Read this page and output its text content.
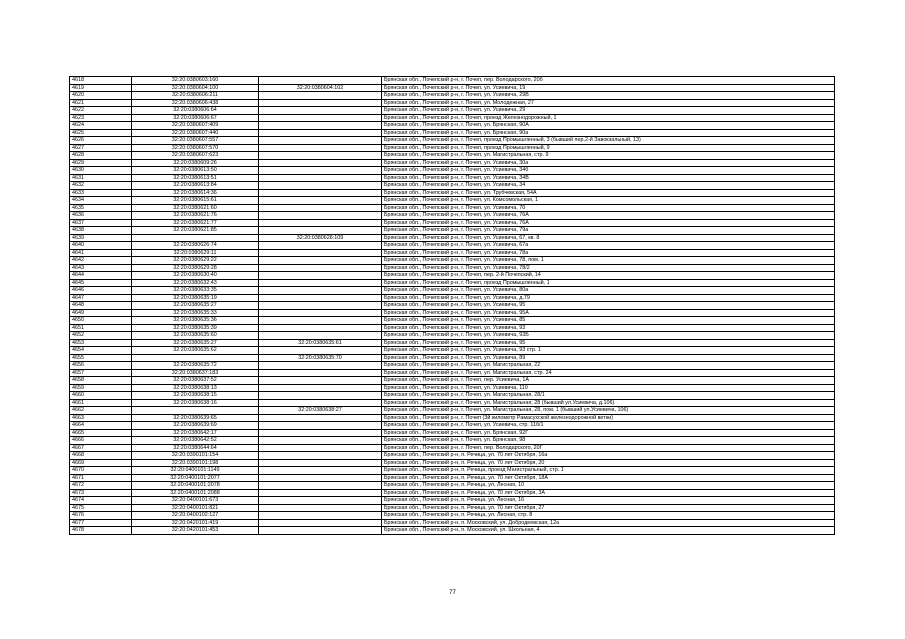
4618	32:20:0380603:160		Брянская обл., Почепский р-н, г. Почеп, пер. Володарского, 20б
4619	32:20:0380604:100	32:20:0380604:102	Брянская обл., Почепский р-н, г. Почеп, ул. Усиевича, 19
4620	32:20:0380606:211		Брянская обл., Почепский р-н, г. Почеп, ул. Усиевича, 29В
4621	32:20:0380606:438		Брянская обл., Почепский р-н, г. Почеп, ул. Молодежная, 27
4622	32:20:0380606:64		Брянская обл., Почепский р-н, г. Почеп, ул. Усиевича, 29
4623	32:20:0380606:67		Брянская обл., Почепский р-н, г. Почеп, проезд Железнодорожный, 1
4624	32:20:0380607:409		Брянская обл., Почепский р-н, г. Почеп, ул. Брянская, 90А
4625	32:20:0380607:440		Брянская обл., Почепский р-н, г. Почеп, ул. Брянская, 90а
4626	32:20:0380607:557		Брянская обл., Почепский р-н, г. Почеп, проезд Промышленный, 3 (бывший пер.2-й Завокзальный, 13)
4627	32:20:0380607:570		Брянская обл., Почепский р-н, г. Почеп, проезд Промышленный, 9
4628	32:20:0380607:623		Брянская обл., Почепский р-н, г. Почеп, ул. Магистральная, стр. 9
4629	32:20:0380609:26		Брянская обл., Почепский р-н, г. Почеп, ул. Усиевича, 30а
4630	32:20:0380613:50		Брянская обл., Почепский р-н, г. Почеп, ул. Усиевича, 34б
4631	32:20:0380613:51		Брянская обл., Почепский р-н, г. Почеп, ул. Усиевича, 34В
4632	32:20:0380613:84		Брянская обл., Почепский р-н, г. Почеп, ул. Усиевича, 34
4633	32:20:0380614:36		Брянская обл., Почепский р-н, г. Почеп, ул. Трубчевская, 54А
4634	32:20:0380615:61		Брянская обл., Почепский р-н, г. Почеп, ул. Комсомольская, 1
4635	32:20:0380621:60		Брянская обл., Почепский р-н, г. Почеп, ул. Усиевича, 70
4636	32:20:0380621:76		Брянская обл., Почепский р-н, г. Почеп, ул. Усиевича, 76А
4637	32:20:0380621:77		Брянская обл., Почепский р-н, г. Почеп, ул. Усиевича, 76А
4638	32:20:0380621:85		Брянская обл., Почепский р-н, г. Почеп, ул. Усиевича, 79а
4639		32:20:0380626:109	Брянская обл., Почепский р-н, г. Почеп, ул. Усиевича, 67, кв. 8
4640	32:20:0380626:74		Брянская обл., Почепский р-н, г. Почеп, ул. Усиевича, 67а
4641	32:20:0380629:11		Брянская обл., Почепский р-н, г. Почеп, ул. Усиевича, 78а
4642	32:20:0380629:22		Брянская обл., Почепский р-н, г. Почеп, ул. Усиевича, 78, пом. 1
4643	32:20:0380629:28		Брянская обл., Почепский р-н, г. Почеп, ул. Усиевича, 78/2
4644	32:20:0380630:40		Брянская обл., Почепский р-н, г. Почеп, пер. 2-й Почепский, 14
4645	32:20:0380632:43		Брянская обл., Почепский р-н, г. Почеп, проезд Промышленный, 1
4646	32:20:0380633:35		Брянская обл., Почепский р-н, г. Почеп, ул. Усиевича, 80а
4647	32:20:0380635:19		Брянская обл., Почепский р-н, г. Почеп, ул. Усиевича, д.79
4648	32:20:0380635:27		Брянская обл., Почепский р-н, г. Почеп, ул. Усиевича, 95
4649	32:20:0380635:33		Брянская обл., Почепский р-н, г. Почеп, ул. Усиевича, 95А
4650	32:20:0380635:36		Брянская обл., Почепский р-н, г. Почеп, ул. Усиевича, 85
4651	32:20:0380635:39		Брянская обл., Почепский р-н, г. Почеп, ул. Усиевича, 93
4652	32:20:0380635:60		Брянская обл., Почепский р-н, г. Почеп, ул. Усиевича, 93Б
4653	32:20:0380635:27	32:20:0380635:61	Брянская обл., Почепский р-н, г. Почеп, ул. Усиевича, 95
4654	32:20:0380635:62		Брянская обл., Почепский р-н, г. Почеп, ул. Усиевича, 93 стр. 1
4655		32:20:0380635:70	Брянская обл., Почепский р-н, г. Почеп, ул. Усиевича, 89
4656	32:20:0380635:72		Брянская обл., Почепский р-н, г. Почеп, ул. Магистральная, 22
4657	32:20:0380637:183		Брянская обл., Почепский р-н, г. Почеп, ул. Магистральная, стр. 24
4658	32:20:0380637:52		Брянская обл., Почепский р-н, г. Почеп, пер. Усиевича, 1А
4659	32:20:0380638:13		Брянская обл., Почепский р-н, г. Почеп, ул. Усиевича, 110
4660	32:20:0380638:15		Брянская обл., Почепский р-н, г. Почеп, ул. Магистральная, 28/1
4661	32:20:0380638:16		Брянская обл., Почепский р-н, г. Почеп, ул. Магистральная, 28 (бывший ул.Усиевича, д.106)
4662		32:20:0380638:27	Брянская обл., Почепский р-н, г. Почеп, ул. Магистральная, 28, пом. 1 (бывший ул.Усиевича, 106)
4663	32:20:0380639:65		Брянская обл., Почепский р-н, г. Почеп (3й километр Рамасухской железнодорожной ветки)
4664	32:20:0380639:69		Брянская обл., Почепский р-н, г. Почеп, ул. Усиевича, стр. 11б/1
4665	32:20:0380642:17		Брянская обл., Почепский р-н, г. Почеп, ул. Брянская, 92Г
4666	32:20:0380642:52		Брянская обл., Почепский р-н, г. Почеп, ул. Брянская, 98
4667	32:20:0380644:64		Брянская обл., Почепский р-н, г. Почеп, пер. Володарского, 20Г
4668	32:20:0390101:154		Брянская обл., Почепский р-н, п. Речица, ул. 70 лет Октября, 16а
4669	32:20:0390101:198		Брянская обл., Почепский р-н, п. Речица, ул. 70 лет Октября, 20
4670	32:20:0400101:1149		Брянская обл., Почепский р-н, п. Речица, проезд Магистральный, стр. 1
4671	32:20:0400101:2077		Брянская обл., Почепский р-н, п. Речица, ул. 70 лет Октября, 18А
4672	32:20:0400101:2078		Брянская обл., Почепский р-н, п. Речица, ул. Лесная, 10
4673	32:20:0400101:2088		Брянская обл., Почепский р-н, п. Речица, ул. 70 лет Октября, 3А
4674	32:20:0400101:673		Брянская обл., Почепский р-н, п. Речица, ул. Лесная, 16
4675	32:20:0400101:821		Брянская обл., Почепский р-н, п. Речица, ул. 70 лет Октября, 27
4676	32:20:0400102:127		Брянская обл., Почепский р-н, п. Речица, ул. Лесная, стр. 8
4677	32:20:0420101:419		Брянская обл., Почепский р-н, п. Московский, ул. Добродеевская, 12а
4678	32:20:0420101:453		Брянская обл., Почепский р-н, п. Московский, ул. Школьная, 4
77
